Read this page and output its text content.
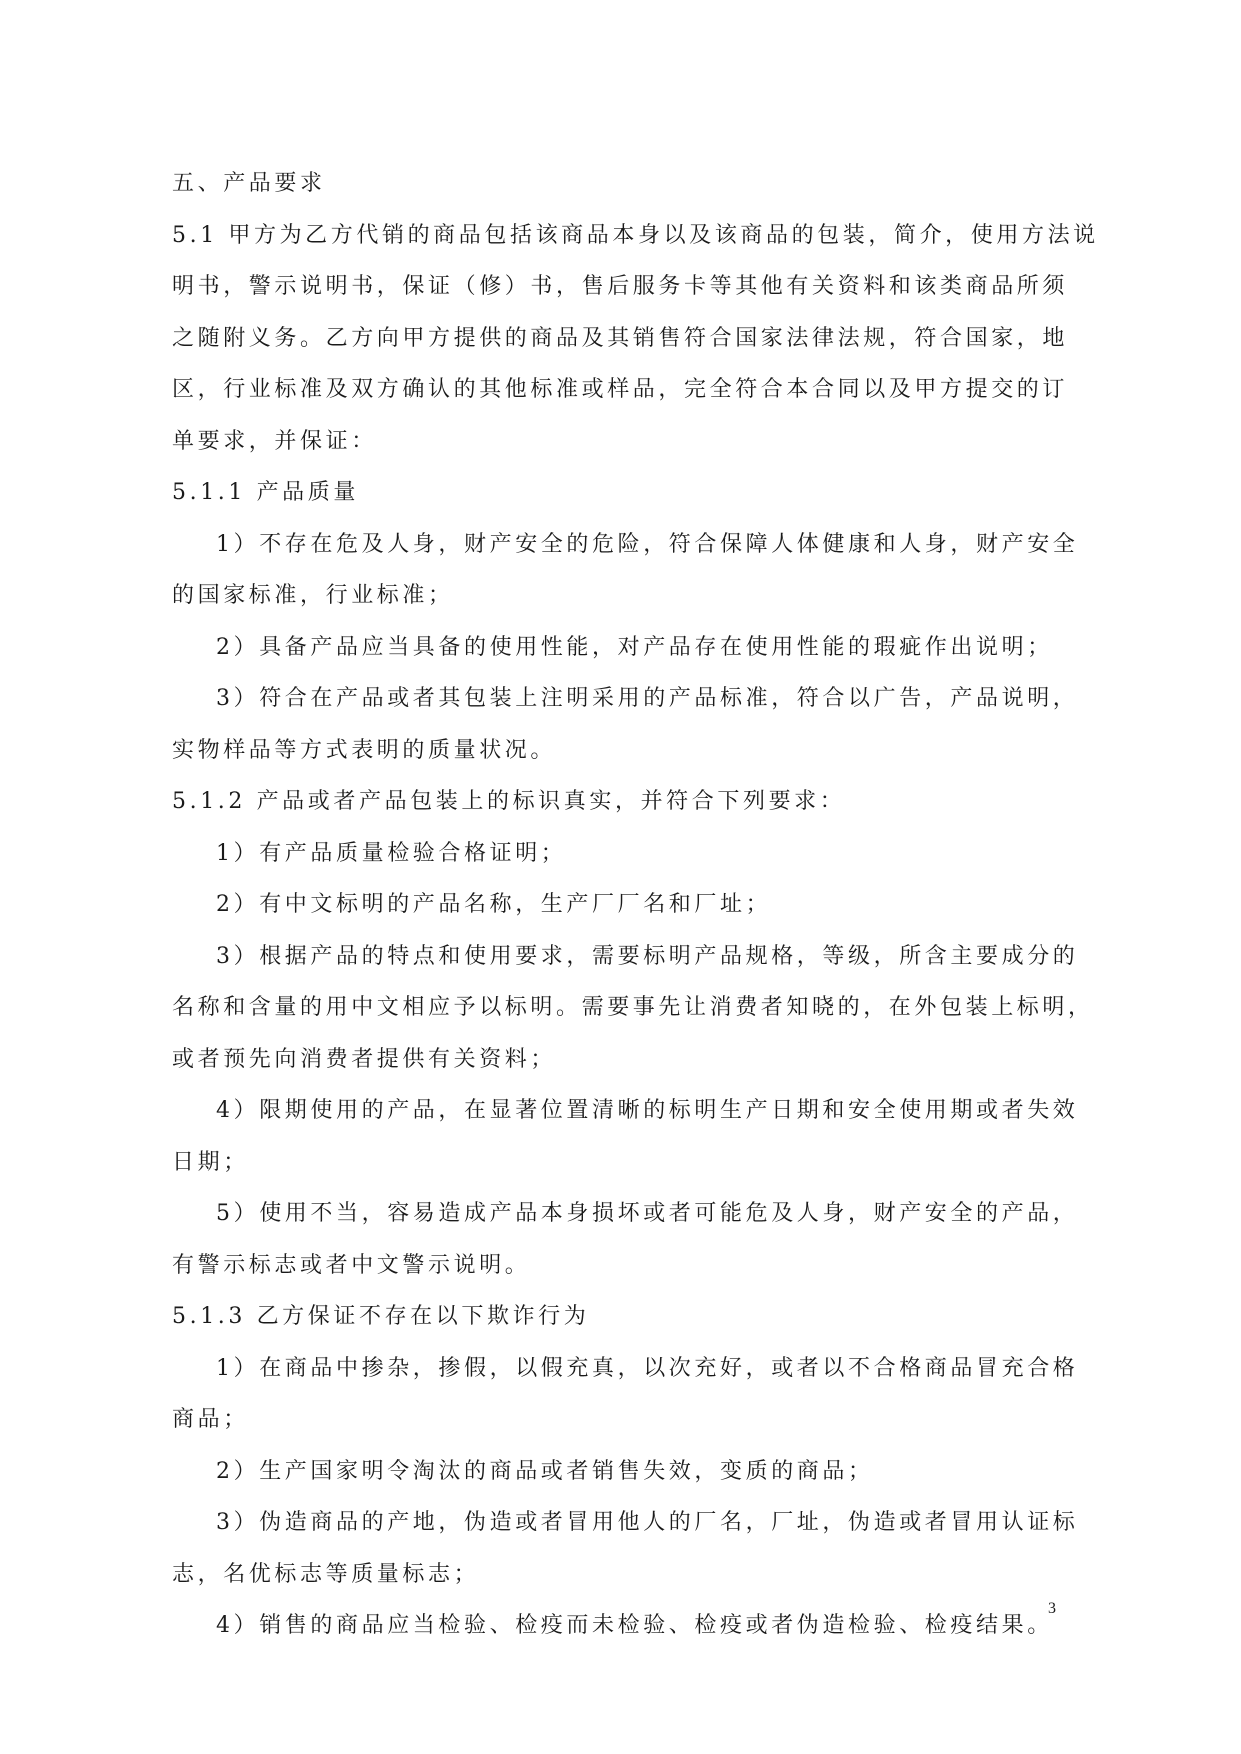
五、产品要求
5.1 甲方为乙方代销的商品包括该商品本身以及该商品的包装，简介，使用方法说
明书，警示说明书，保证（修）书，售后服务卡等其他有关资料和该类商品所须
之随附义务。乙方向甲方提供的商品及其销售符合国家法律法规，符合国家，地
区，行业标准及双方确认的其他标准或样品，完全符合本合同以及甲方提交的订
单要求，并保证：
5.1.1 产品质量
1）不存在危及人身，财产安全的危险，符合保障人体健康和人身，财产安全
的国家标准，行业标准；
2）具备产品应当具备的使用性能，对产品存在使用性能的瑕疵作出说明；
3）符合在产品或者其包装上注明采用的产品标准，符合以广告，产品说明，
实物样品等方式表明的质量状况。
5.1.2 产品或者产品包装上的标识真实，并符合下列要求：
1）有产品质量检验合格证明；
2）有中文标明的产品名称，生产厂厂名和厂址；
3）根据产品的特点和使用要求，需要标明产品规格，等级，所含主要成分的
名称和含量的用中文相应予以标明。需要事先让消费者知晓的，在外包装上标明，
或者预先向消费者提供有关资料；
4）限期使用的产品，在显著位置清晰的标明生产日期和安全使用期或者失效
日期；
5）使用不当，容易造成产品本身损坏或者可能危及人身，财产安全的产品，
有警示标志或者中文警示说明。
5.1.3 乙方保证不存在以下欺诈行为
1）在商品中掺杂，掺假，以假充真，以次充好，或者以不合格商品冒充合格
商品；
2）生产国家明令淘汰的商品或者销售失效，变质的商品；
3）伪造商品的产地，伪造或者冒用他人的厂名，厂址，伪造或者冒用认证标
志，名优标志等质量标志；
4）销售的商品应当检验、检疫而未检验、检疫或者伪造检验、检疫结果。
3
